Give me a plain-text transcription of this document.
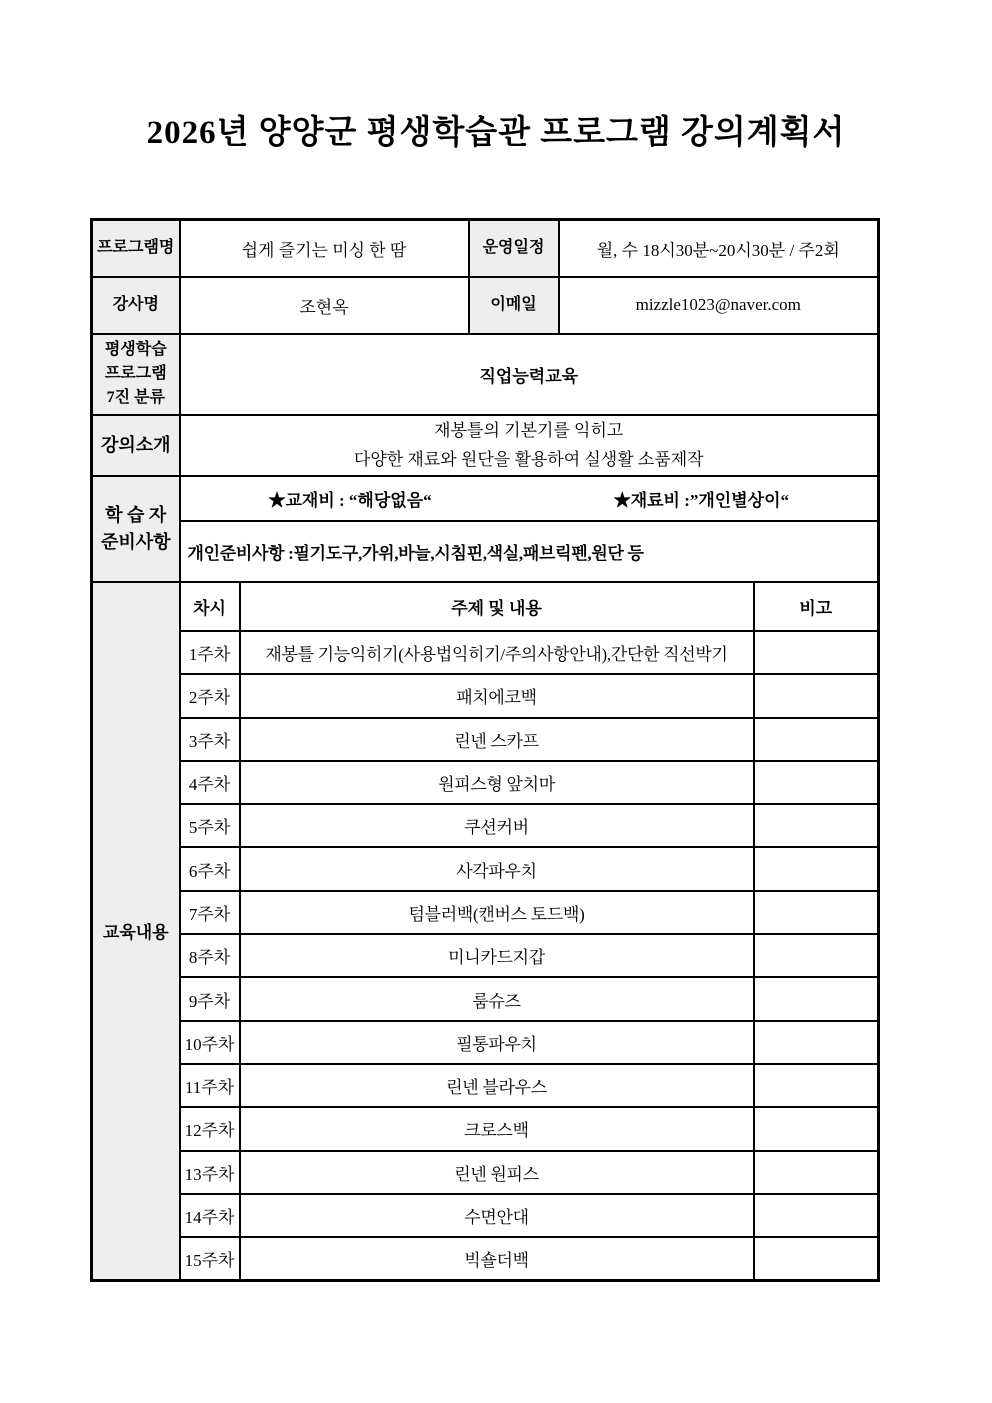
2026년 양양군 평생학습관 프로그램 강의계획서
프로그램명	쉽게 즐기는 미싱 한 땀	운영일정	월, 수 18시30분~20시30분 / 주2회
강사명	조현옥	이메일	mizzle1023@naver.com

평생학습
프로그램
7진 분류	직업능력교육		
강의소개	재봉틀의 기본기를 익히고
다양한 재료와 원단을 활용하여 실생활 소품제작		

학 습 자
준비사항

★교재비 : “해당없음“	★재료비 :”개인별상이“

	개인준비사항 :필기도구,가위,바늘,시침핀,색실,패브릭펜,원단 등		
교육내용	차시	주제 및 내용	비고
	1주차	재봉틀 기능익히기(사용법익히기/주의사항안내),간단한 직선박기	
	2주차	패치에코백	
	3주차	린넨 스카프	
	4주차	원피스형 앞치마	
	5주차	쿠션커버	
	6주차	사각파우치	
	7주차	텀블러백(캔버스 토드백)	
	8주차	미니카드지갑	
	9주차	룸슈즈	
	10주차	필통파우치	
	11주차	린넨 블라우스	
	12주차	크로스백	
	13주차	린넨 원피스	
	14주차	수면안대	
	15주차	빅숄더백	
